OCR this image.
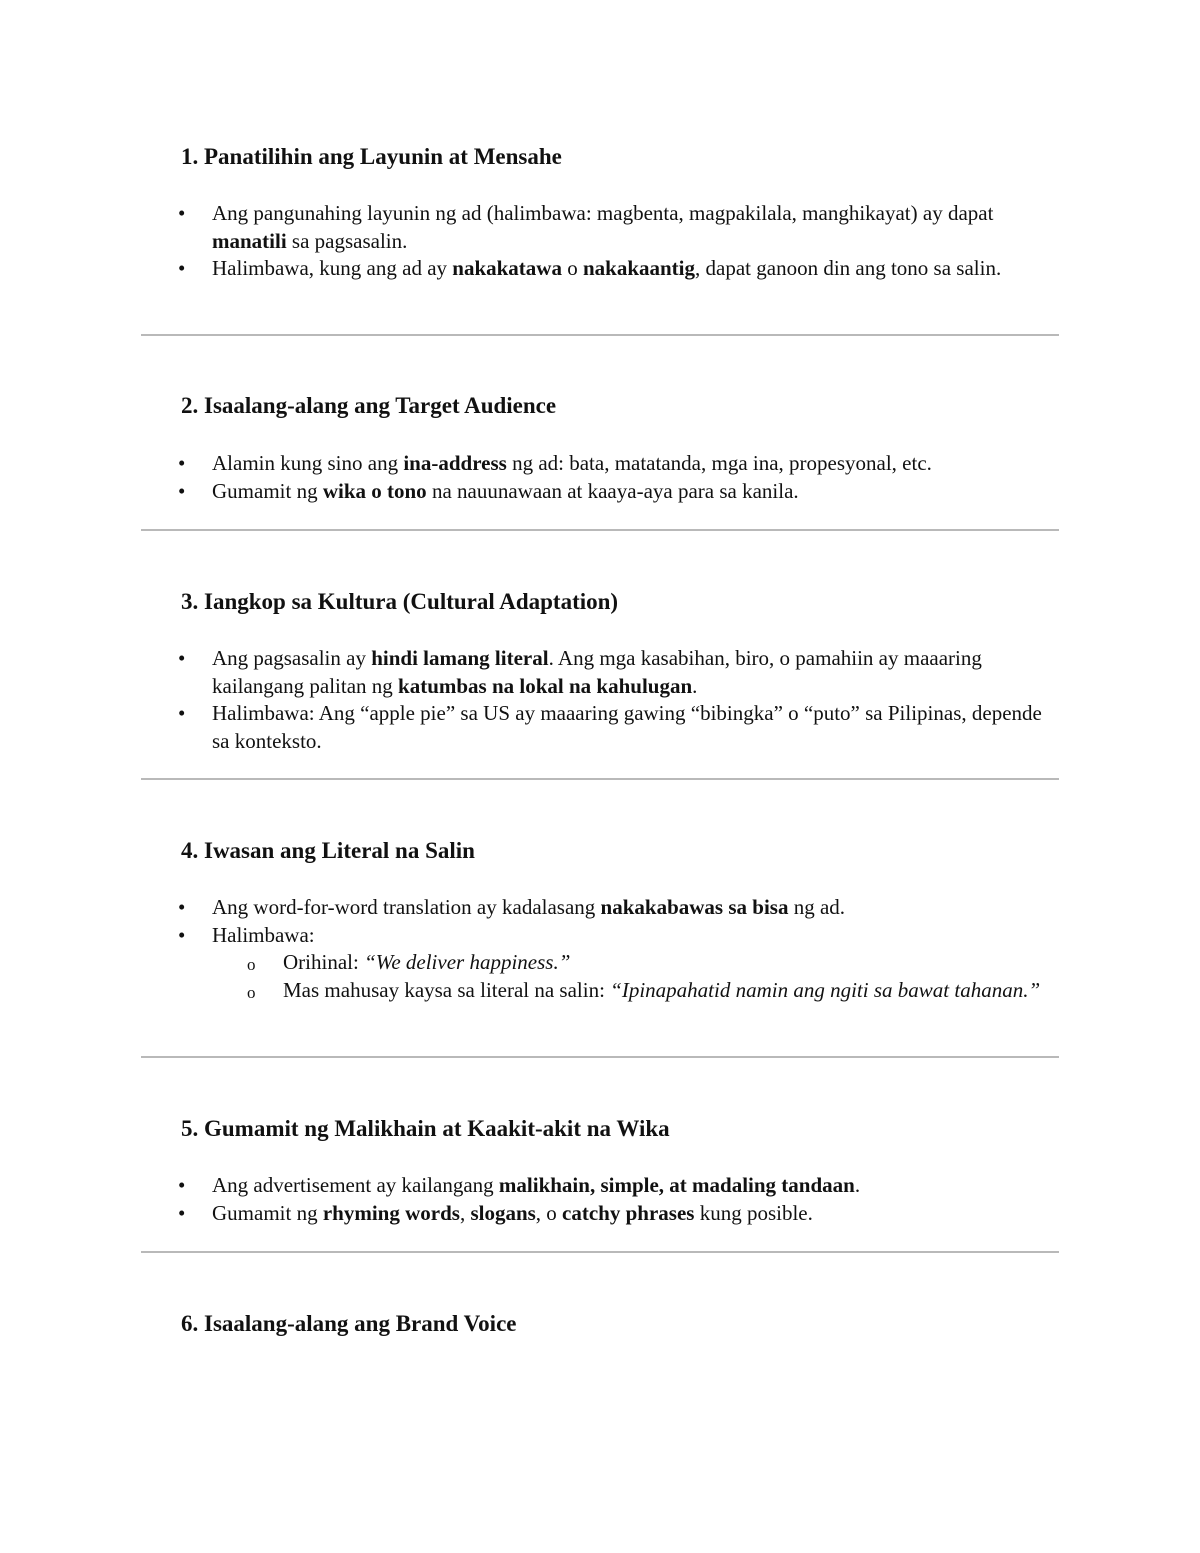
1. Panatilihin ang Layunin at Mensahe
• Ang pangunahing layunin ng ad (halimbawa: magbenta, magpakilala, manghikayat) ay dapat manatili sa pagsasalin.
• Halimbawa, kung ang ad ay nakakatawa o nakakaantig, dapat ganoon din ang tono sa salin.
2. Isaalang-alang ang Target Audience
• Alamin kung sino ang ina-address ng ad: bata, matatanda, mga ina, propesyonal, etc.
• Gumamit ng wika o tono na nauunawaan at kaaya-aya para sa kanila.
3. Iangkop sa Kultura (Cultural Adaptation)
• Ang pagsasalin ay hindi lamang literal. Ang mga kasabihan, biro, o pamahiin ay maaaring kailangang palitan ng katumbas na lokal na kahulugan.
• Halimbawa: Ang “apple pie” sa US ay maaaring gawing “bibingka” o “puto” sa Pilipinas, depende sa konteksto.
4. Iwasan ang Literal na Salin
• Ang word-for-word translation ay kadalasang nakakabawas sa bisa ng ad.
• Halimbawa:
o Orihinal: “We deliver happiness.”
o Mas mahusay kaysa sa literal na salin: “Ipinapahatid namin ang ngiti sa bawat tahanan.”
5. Gumamit ng Malikhain at Kaakit-akit na Wika
• Ang advertisement ay kailangang malikhain, simple, at madaling tandaan.
• Gumamit ng rhyming words, slogans, o catchy phrases kung posible.
6. Isaalang-alang ang Brand Voice
